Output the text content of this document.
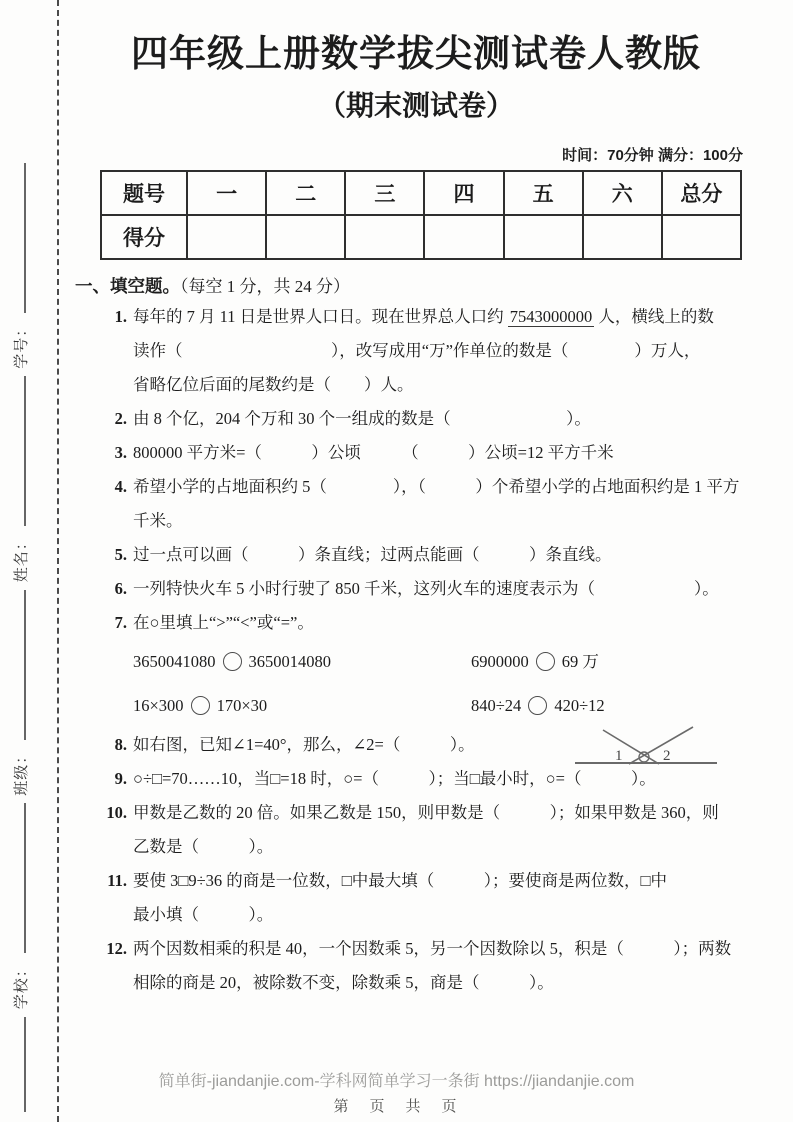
学校：  班级：  姓名：  学号：
四年级上册数学拔尖测试卷人教版
（期末测试卷）
时间：70分钟 满分：100分
题号	一	二	三	四	五	六	总分
得分							
一、填空题。（每空 1 分，共 24 分）
1. 每年的 7 月 11 日是世界人口日。现在世界总人口约 7543000000 人，横线上的数
读作（　　　　　　　　　），改写成用“万”作单位的数是（　　　　）万人，
省略亿位后面的尾数约是（　　）人。
2. 由 8 个亿，204 个万和 30 个一组成的数是（　　　　　　　）。
3. 800000 平方米=（　　　）公顷　　　（　　　）公顷=12 平方千米
4. 希望小学的占地面积约 5（　　　　），（　　　）个希望小学的占地面积约是 1 平方
千米。
5. 过一点可以画（　　　）条直线；过两点能画（　　　）条直线。
6. 一列特快火车 5 小时行驶了 850 千米，这列火车的速度表示为（　　　　　　）。
7. 在○里填上“>”“<”或“=”。
3650041080 3650014080	6900000 69 万
16×300 170×30	840÷24 420÷12
8. 如右图，已知∠1=40°，那么，∠2=（　　　）。
1	2
9. ○÷□=70……10，当□=18 时，○=（　　　）；当□最小时，○=（　　　）。
10. 甲数是乙数的 20 倍。如果乙数是 150，则甲数是（　　　）；如果甲数是 360，则
乙数是（　　　）。
11. 要使 3□9÷36 的商是一位数，□中最大填（　　　）；要使商是两位数，□中
最小填（　　　）。
12. 两个因数相乘的积是 40，一个因数乘 5，另一个因数除以 5，积是（　　　）；两数
相除的商是 20，被除数不变，除数乘 5，商是（　　　）。
简单街-jiandanjie.com-学科网简单学习一条街 https://jiandanjie.com
第　页　共　页
